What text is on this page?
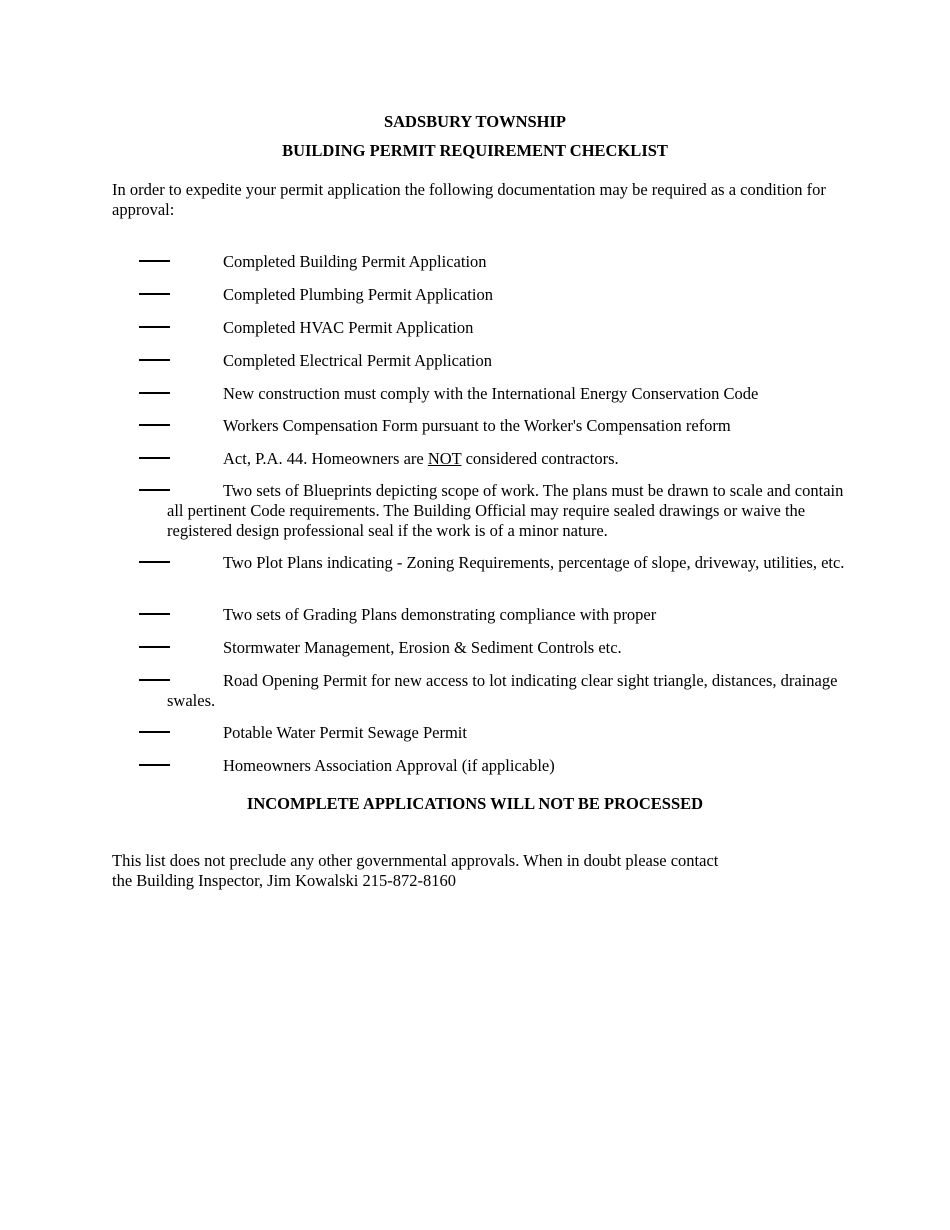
SADSBURY TOWNSHIP
BUILDING PERMIT REQUIREMENT CHECKLIST
In order to expedite your permit application the following documentation may be required as a condition for approval:
Completed Building Permit Application
Completed Plumbing Permit Application
Completed HVAC Permit Application
Completed Electrical Permit Application
New construction must comply with the International Energy Conservation Code
Workers Compensation Form pursuant to the Worker's Compensation reform
Act, P.A. 44. Homeowners are NOT considered contractors.
Two sets of Blueprints depicting scope of work. The plans must be drawn to scale and contain all pertinent Code requirements. The Building Official may require sealed drawings or waive the registered design professional seal if the work is of a minor nature.
Two Plot Plans indicating - Zoning Requirements, percentage of slope, driveway, utilities, etc.
Two sets of Grading Plans demonstrating compliance with proper
Stormwater Management, Erosion & Sediment Controls etc.
Road Opening Permit for new access to lot indicating clear sight triangle, distances, drainage swales.
Potable Water Permit Sewage Permit
Homeowners Association Approval (if applicable)
INCOMPLETE APPLICATIONS WILL NOT BE PROCESSED
This list does not preclude any other governmental approvals. When in doubt please contact
the Building Inspector, Jim Kowalski 215-872-8160
